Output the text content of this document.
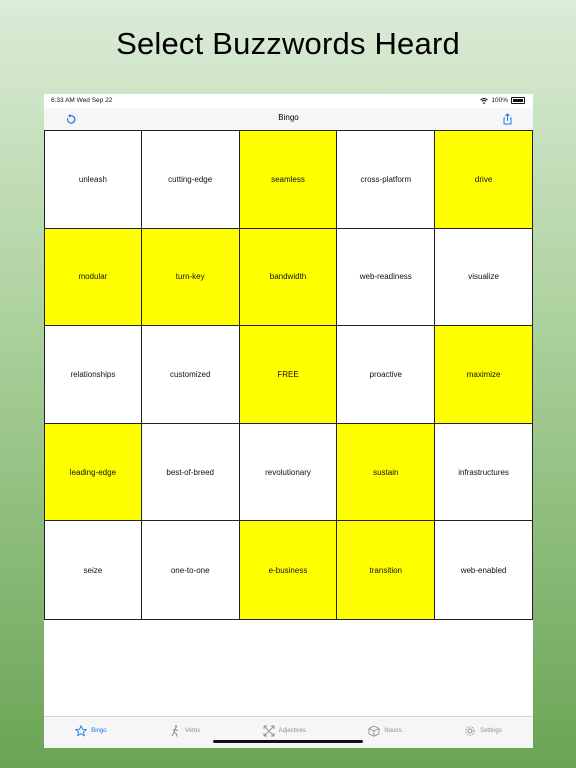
Select Buzzwords Heard
6:33 AM Wed Sep 22	100%
Bingo
unleash	cutting-edge	seamless	cross-platform	drive
modular	turn-key	bandwidth	web-readiness	visualize
relationships	customized	FREE	proactive	maximize
leading-edge	best-of-breed	revolutionary	sustain	infrastructures
seize	one-to-one	e-business	transition	web-enabled
Bingo	Verbs	Adjectives	Nouns	Settings
